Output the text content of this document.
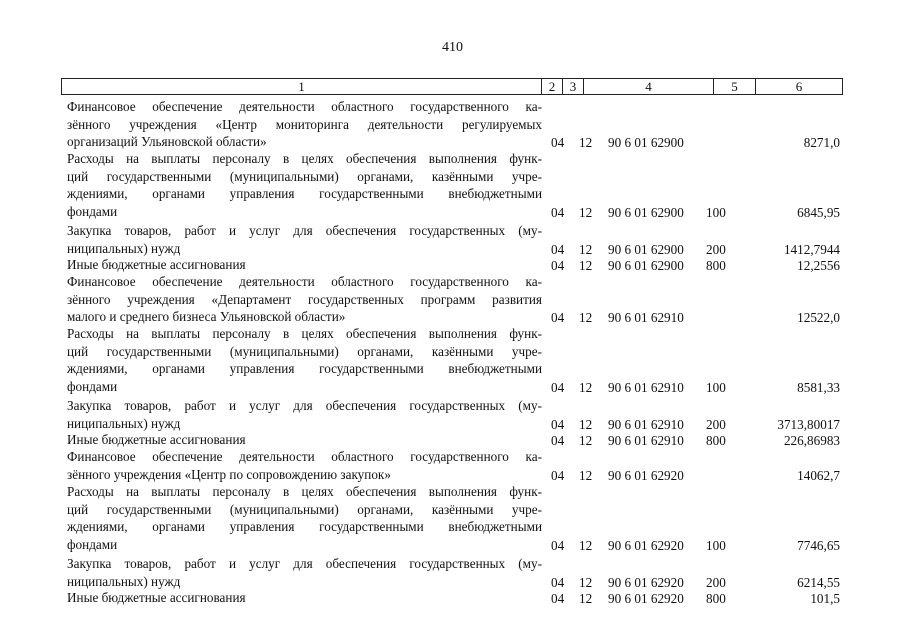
410
1	2	3	4	5	6
Финансовое обеспечение деятельности областного государственного ка-
зённого учреждения «Центр мониторинга деятельности регулируемых
организаций Ульяновской области»	04 12 90 6 01 62900	8271,0
Расходы на выплаты персоналу в целях обеспечения выполнения функ-
ций государственными (муниципальными) органами, казёнными учре-
ждениями, органами управления государственными внебюджетными
фондами	04 12 90 6 01 62900 100	6845,95
Закупка товаров, работ и услуг для обеспечения государственных (му-
ниципальных) нужд	04 12 90 6 01 62900 200	1412,7944
Иные бюджетные ассигнования	04 12 90 6 01 62900 800	12,2556
Финансовое обеспечение деятельности областного государственного ка-
зённого учреждения «Департамент государственных программ развития
малого и среднего бизнеса Ульяновской области»	04 12 90 6 01 62910	12522,0
Расходы на выплаты персоналу в целях обеспечения выполнения функ-
ций государственными (муниципальными) органами, казёнными учре-
ждениями, органами управления государственными внебюджетными
фондами	04 12 90 6 01 62910 100	8581,33
Закупка товаров, работ и услуг для обеспечения государственных (му-
ниципальных) нужд	04 12 90 6 01 62910 200	3713,80017
Иные бюджетные ассигнования	04 12 90 6 01 62910 800	226,86983
Финансовое обеспечение деятельности областного государственного ка-
зённого учреждения «Центр по сопровождению закупок»	04 12 90 6 01 62920	14062,7
Расходы на выплаты персоналу в целях обеспечения выполнения функ-
ций государственными (муниципальными) органами, казёнными учре-
ждениями, органами управления государственными внебюджетными
фондами	04 12 90 6 01 62920 100	7746,65
Закупка товаров, работ и услуг для обеспечения государственных (му-
ниципальных) нужд	04 12 90 6 01 62920 200	6214,55
Иные бюджетные ассигнования	04 12 90 6 01 62920 800	101,5
